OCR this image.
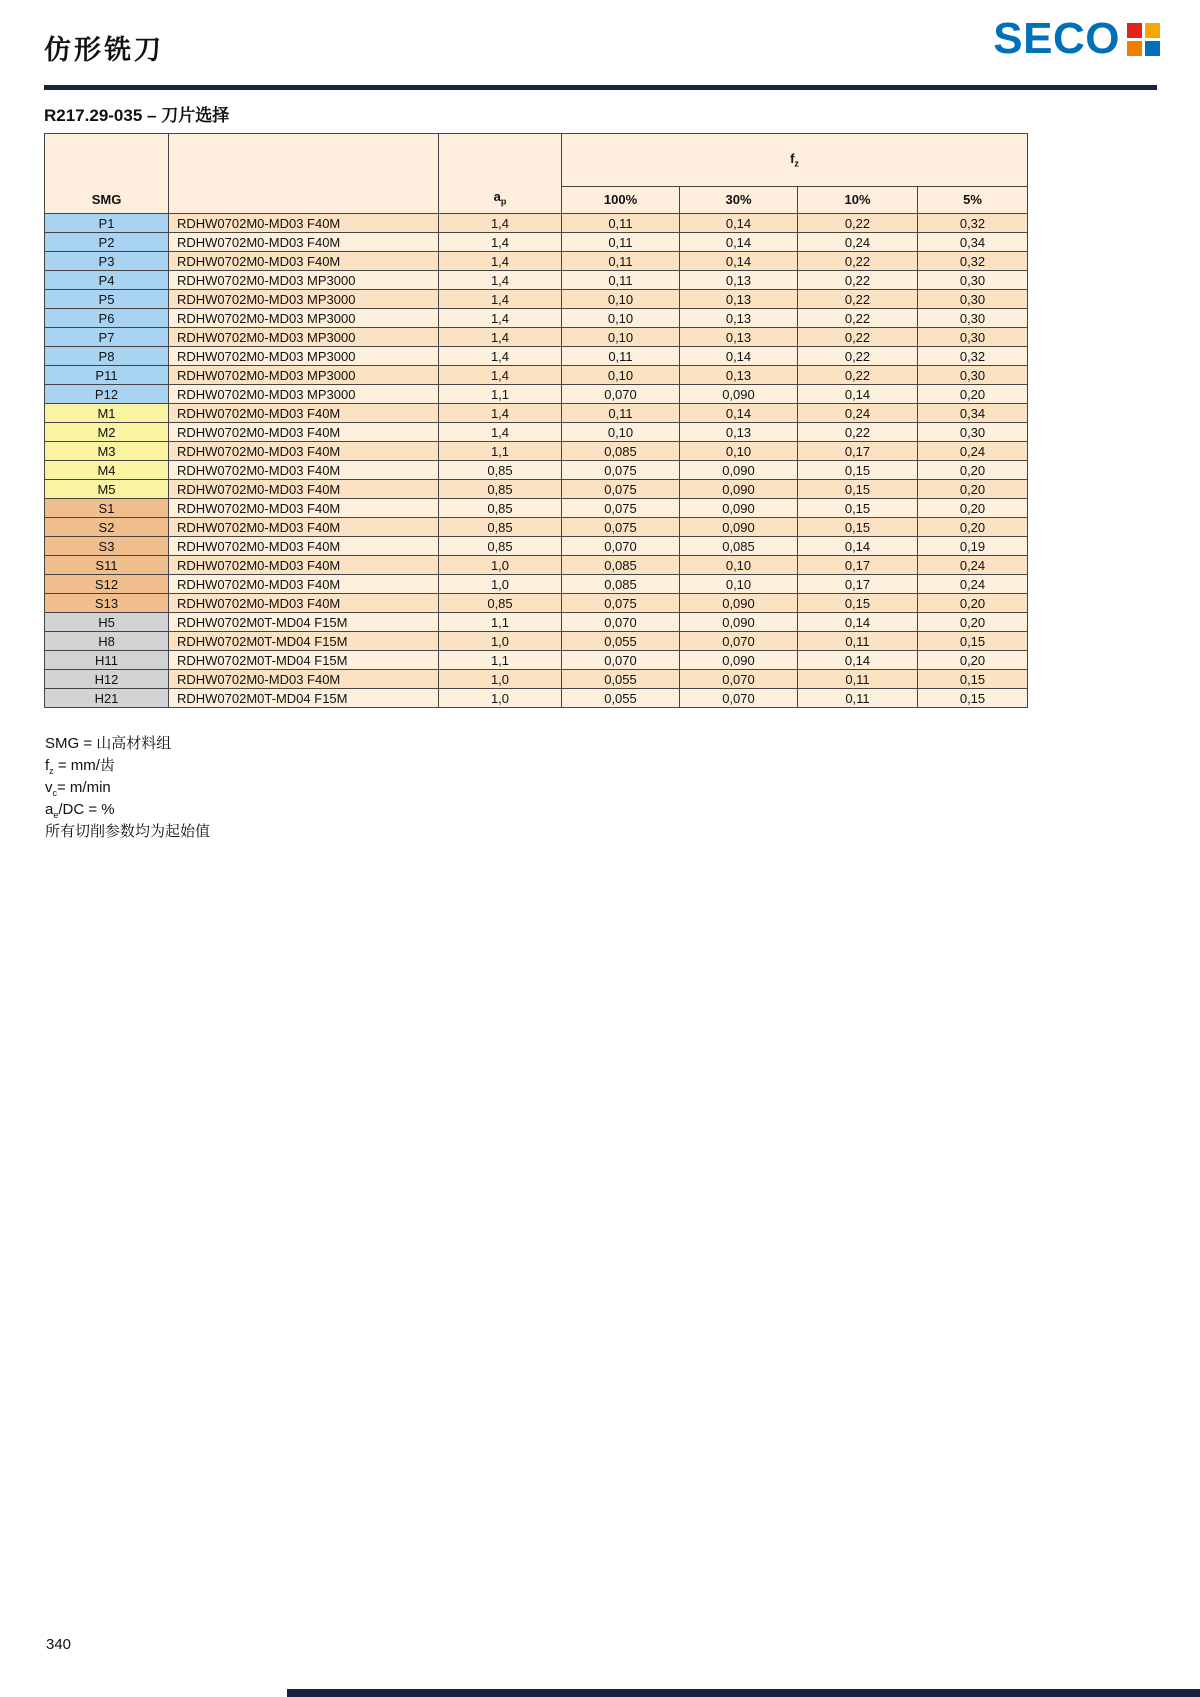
仿形铣刀	SECO
R217.29-035 – 刀片选择
SMG		$a_p$	$f_z$
			100%	30%	10%	5%
P1	RDHW0702M0-MD03 F40M	1,4	0,11	0,14	0,22	0,32
P2	RDHW0702M0-MD03 F40M	1,4	0,11	0,14	0,24	0,34
P3	RDHW0702M0-MD03 F40M	1,4	0,11	0,14	0,22	0,32
P4	RDHW0702M0-MD03 MP3000	1,4	0,11	0,13	0,22	0,30
P5	RDHW0702M0-MD03 MP3000	1,4	0,10	0,13	0,22	0,30
P6	RDHW0702M0-MD03 MP3000	1,4	0,10	0,13	0,22	0,30
P7	RDHW0702M0-MD03 MP3000	1,4	0,10	0,13	0,22	0,30
P8	RDHW0702M0-MD03 MP3000	1,4	0,11	0,14	0,22	0,32
P11	RDHW0702M0-MD03 MP3000	1,4	0,10	0,13	0,22	0,30
P12	RDHW0702M0-MD03 MP3000	1,1	0,070	0,090	0,14	0,20
M1	RDHW0702M0-MD03 F40M	1,4	0,11	0,14	0,24	0,34
M2	RDHW0702M0-MD03 F40M	1,4	0,10	0,13	0,22	0,30
M3	RDHW0702M0-MD03 F40M	1,1	0,085	0,10	0,17	0,24
M4	RDHW0702M0-MD03 F40M	0,85	0,075	0,090	0,15	0,20
M5	RDHW0702M0-MD03 F40M	0,85	0,075	0,090	0,15	0,20
S1	RDHW0702M0-MD03 F40M	0,85	0,075	0,090	0,15	0,20
S2	RDHW0702M0-MD03 F40M	0,85	0,075	0,090	0,15	0,20
S3	RDHW0702M0-MD03 F40M	0,85	0,070	0,085	0,14	0,19
S11	RDHW0702M0-MD03 F40M	1,0	0,085	0,10	0,17	0,24
S12	RDHW0702M0-MD03 F40M	1,0	0,085	0,10	0,17	0,24
S13	RDHW0702M0-MD03 F40M	0,85	0,075	0,090	0,15	0,20
H5	RDHW0702M0T-MD04 F15M	1,1	0,070	0,090	0,14	0,20
H8	RDHW0702M0T-MD04 F15M	1,0	0,055	0,070	0,11	0,15
H11	RDHW0702M0T-MD04 F15M	1,1	0,070	0,090	0,14	0,20
H12	RDHW0702M0-MD03 F40M	1,0	0,055	0,070	0,11	0,15
H21	RDHW0702M0T-MD04 F15M	1,0	0,055	0,070	0,11	0,15
SMG = 山高材料组
$f_z = mm/$齿
$v_c= m/\min$
$a_e/DC$ = %
所有切削参数均为起始值
340
